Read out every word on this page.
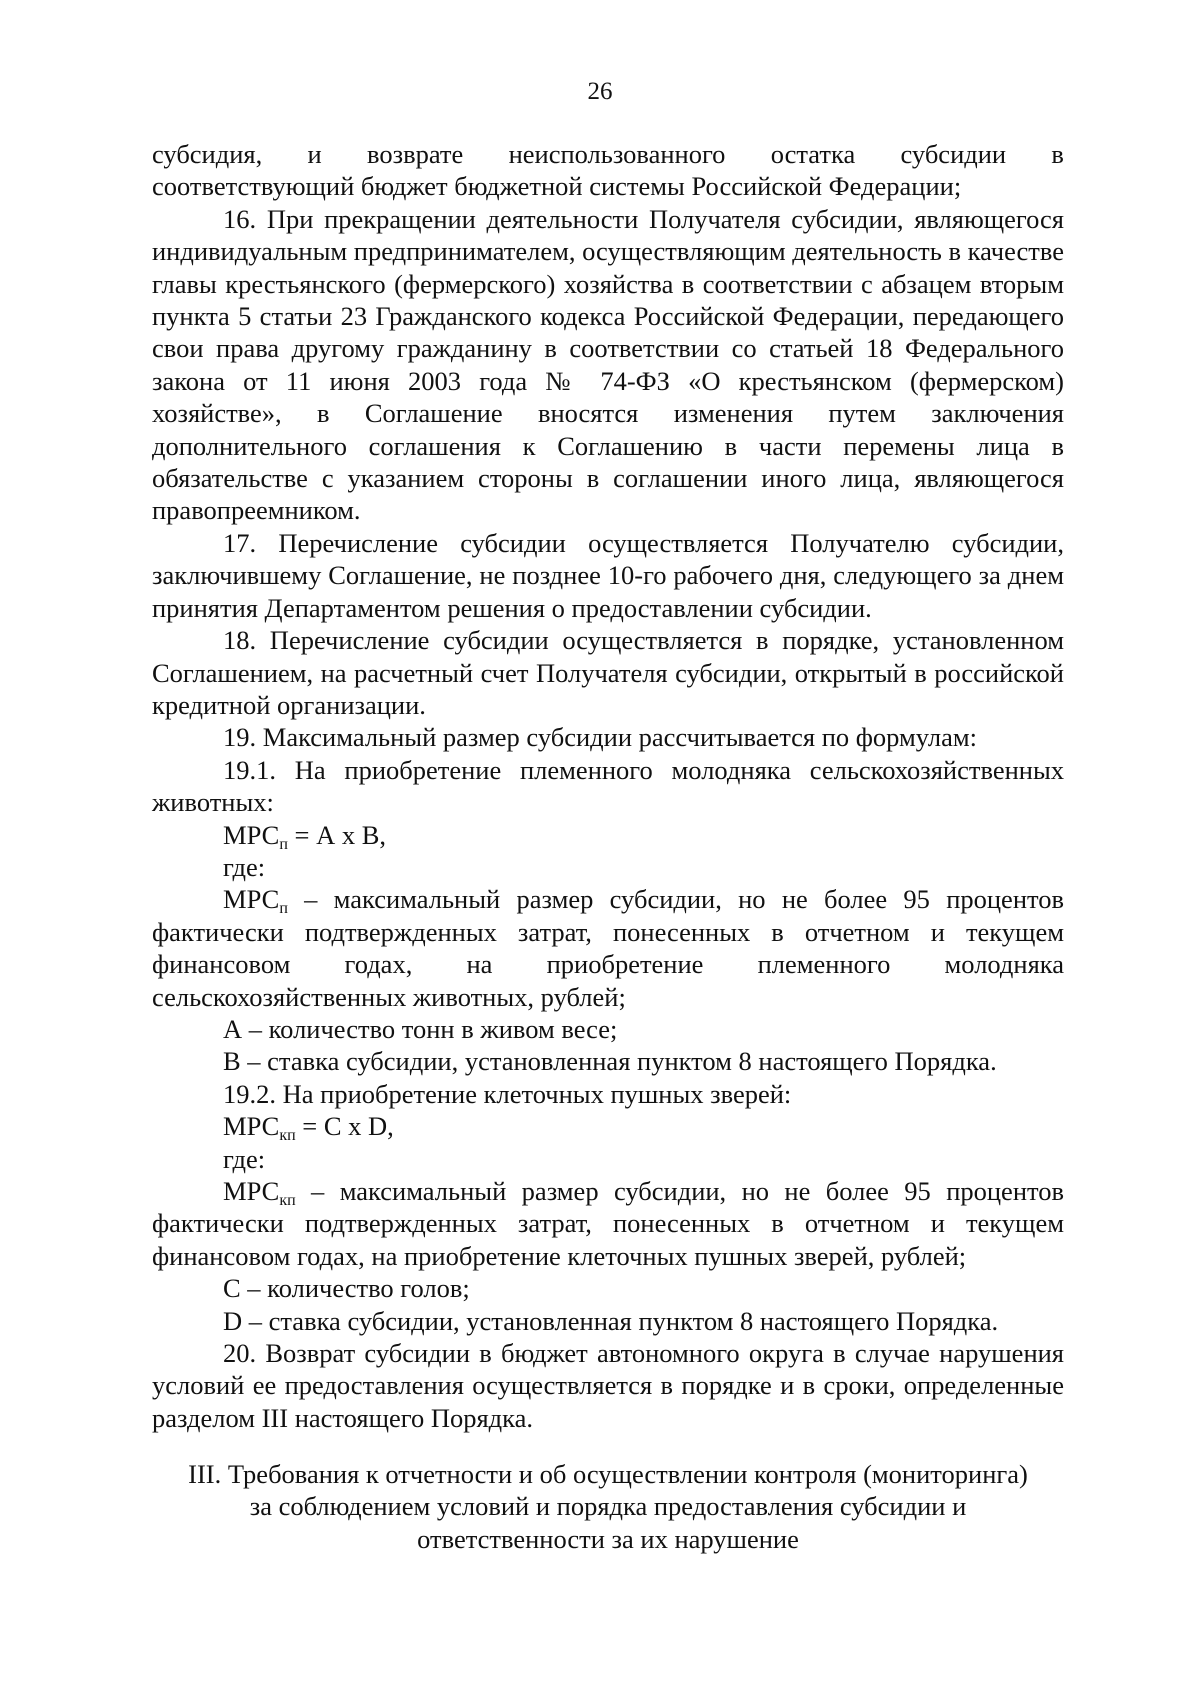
26
субсидия, и возврате неиспользованного остатка субсидии в

соответствующий бюджет бюджетной системы Российской Федерации;

16. При прекращении деятельности Получателя субсидии, являющегося индивидуальным предпринимателем, осуществляющим деятельность в качестве главы крестьянского (фермерского) хозяйства в соответствии с абзацем вторым пункта 5 статьи 23 Гражданского кодекса Российской Федерации, передающего свои права другому гражданину в соответствии со статьей 18 Федерального закона от 11 июня 2003 года № 74-ФЗ «О крестьянском (фермерском) хозяйстве», в Соглашение вносятся изменения путем заключения дополнительного соглашения к Соглашению в части перемены лица в обязательстве с указанием стороны в соглашении иного лица, являющегося правопреемником.

17. Перечисление субсидии осуществляется Получателю субсидии, заключившему Соглашение, не позднее 10-го рабочего дня, следующего за днем принятия Департаментом решения о предоставлении субсидии.

18. Перечисление субсидии осуществляется в порядке, установленном Соглашением, на расчетный счет Получателя субсидии, открытый в российской кредитной организации.

19. Максимальный размер субсидии рассчитывается по формулам:

19.1. На приобретение племенного молодняка сельскохозяйственных животных:

$МРС_п = А$ x В,

где:

$МРС_п$ – максимальный размер субсидии, но не более 95 процентов фактически подтвержденных затрат, понесенных в отчетном и текущем финансовом годах, на приобретение племенного молодняка сельскохозяйственных животных, рублей;

А – количество тонн в живом весе;

В – ставка субсидии, установленная пунктом 8 настоящего Порядка.

19.2. На приобретение клеточных пушных зверей:

$МРС_{кп} = С$ x D,

где:

$МРС_{кп}$ – максимальный размер субсидии, но не более 95 процентов фактически подтвержденных затрат, понесенных в отчетном и текущем финансовом годах, на приобретение клеточных пушных зверей, рублей;

С – количество голов;

D – ставка субсидии, установленная пунктом 8 настоящего Порядка.

20. Возврат субсидии в бюджет автономного округа в случае нарушения условий ее предоставления осуществляется в порядке и в сроки, определенные разделом III настоящего Порядка.

III. Требования к отчетности и об осуществлении контроля (мониторинга)
за соблюдением условий и порядка предоставления субсидии и
ответственности за их нарушение
